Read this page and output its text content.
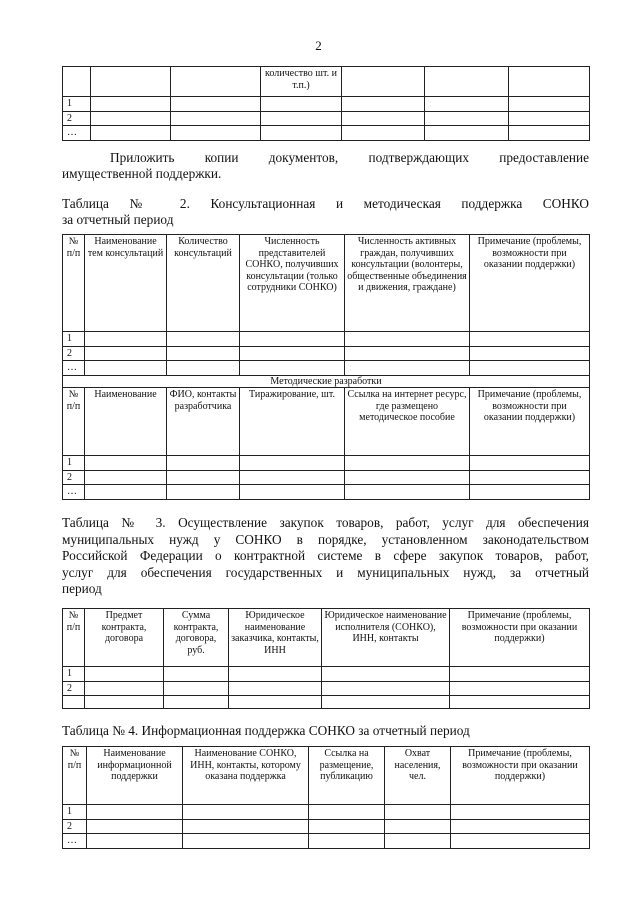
2
			количество шт. и т.п.)			
1						
2						
…						
Приложить копии документов, подтверждающих предоставление
имущественной поддержки.
Таблица № 2. Консультационная и методическая поддержка СОНКО
за отчетный период
№ п/п	Наименование тем консультаций	Количество консультаций	Численность представителей СОНКО, получивших консультации (только сотрудники СОНКО)	Численность активных граждан, получивших консультации (волонтеры, общественные объединения и движения, граждане)	Примечание (проблемы, возможности при оказании поддержки)
1					
2					
…					
Методические разработки					
№ п/п	Наименование	ФИО, контакты разработчика	Тиражирование, шт.	Ссылка на интернет ресурс, где размещено методическое пособие	Примечание (проблемы, возможности при оказании поддержки)
1					
2					
…					
Таблица № 3. Осуществление закупок товаров, работ, услуг для обеспечения
муниципальных нужд у СОНКО в порядке, установленном законодательством
Российской Федерации о контрактной системе в сфере закупок товаров, работ,
услуг для обеспечения государственных и муниципальных нужд, за отчетный
период
№ п/п	Предмет контракта, договора	Сумма контракта, договора, руб.	Юридическое наименование заказчика, контакты, ИНН	Юридическое наименование исполнителя (СОНКО), ИНН, контакты	Примечание (проблемы, возможности при оказании поддержки)
1					
2					

Таблица № 4. Информационная поддержка СОНКО за отчетный период
№ п/п	Наименование информационной поддержки	Наименование СОНКО, ИНН, контакты, которому оказана поддержка	Ссылка на размещение, публикацию	Охват населения, чел.	Примечание (проблемы, возможности при оказании поддержки)
1					
2					
…					
